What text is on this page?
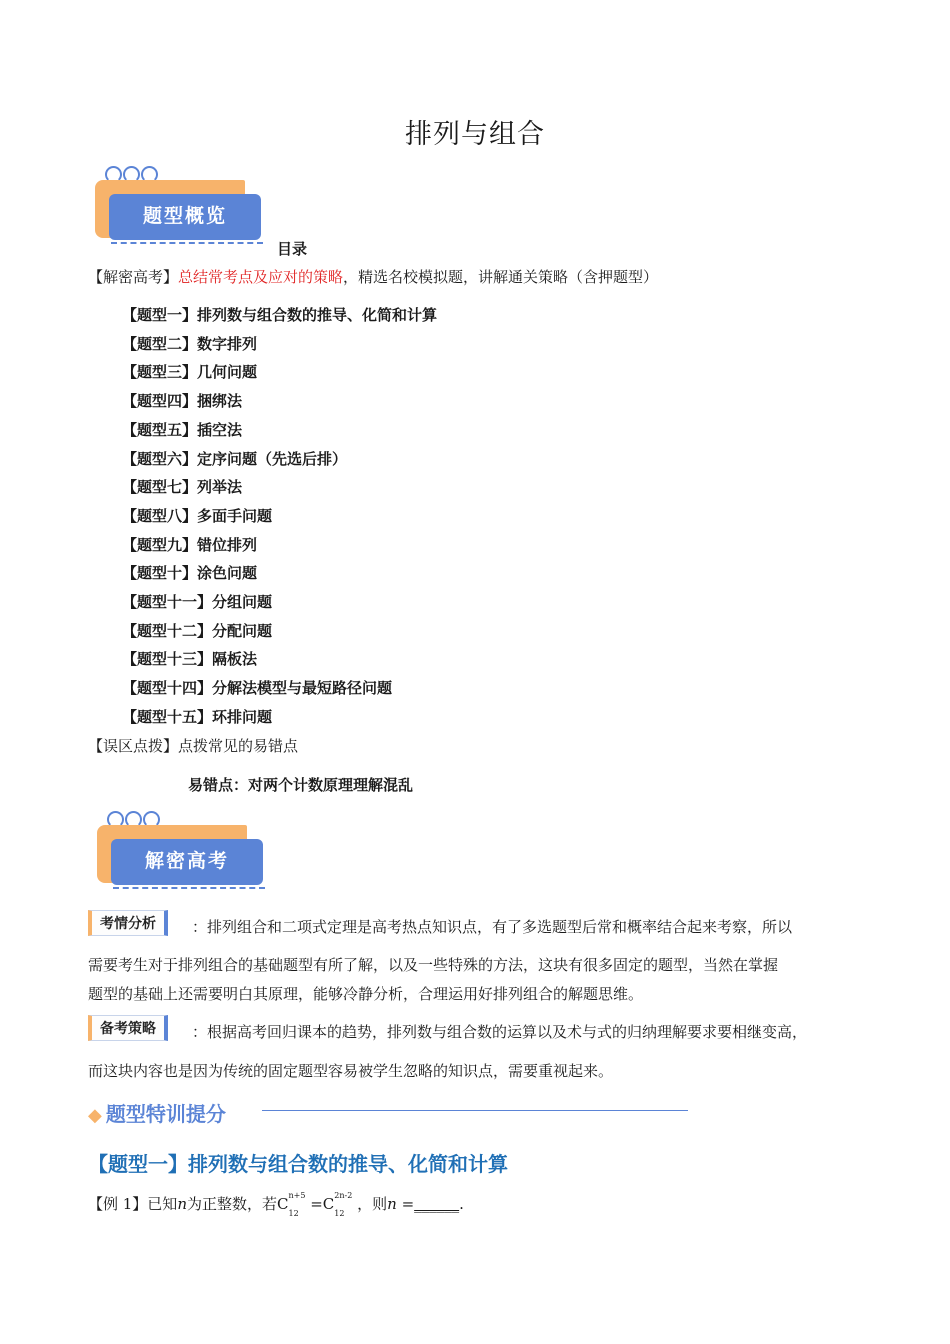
排列与组合
题型概览
目录
【解密高考】总结常考点及应对的策略，精选名校模拟题，讲解通关策略（含押题型）
【题型一】排列数与组合数的推导、化简和计算
【题型二】数字排列
【题型三】几何问题
【题型四】捆绑法
【题型五】插空法
【题型六】定序问题（先选后排）
【题型七】列举法
【题型八】多面手问题
【题型九】错位排列
【题型十】涂色问题
【题型十一】分组问题
【题型十二】分配问题
【题型十三】隔板法
【题型十四】分解法模型与最短路径问题
【题型十五】环排问题
【误区点拨】点拨常见的易错点
易错点：对两个计数原理理解混乱
解密高考
考情分析	：排列组合和二项式定理是高考热点知识点，有了多选题型后常和概率结合起来考察，所以
需要考生对于排列组合的基础题型有所了解，以及一些特殊的方法，这块有很多固定的题型，当然在掌握
题型的基础上还需要明白其原理，能够冷静分析，合理运用好排列组合的解题思维。
备考策略	：根据高考回归课本的趋势，排列数与组合数的运算以及术与式的归纳理解要求要相继变高，
而这块内容也是因为传统的固定题型容易被学生忽略的知识点，需要重视起来。
◆ 题型特训提分
【题型一】排列数与组合数的推导、化简和计算
【例 1】已知n为正整数，若$C^{n+5}$
$_{12} =C^{2n-2}$
$_{12}$ ，则n =______.
